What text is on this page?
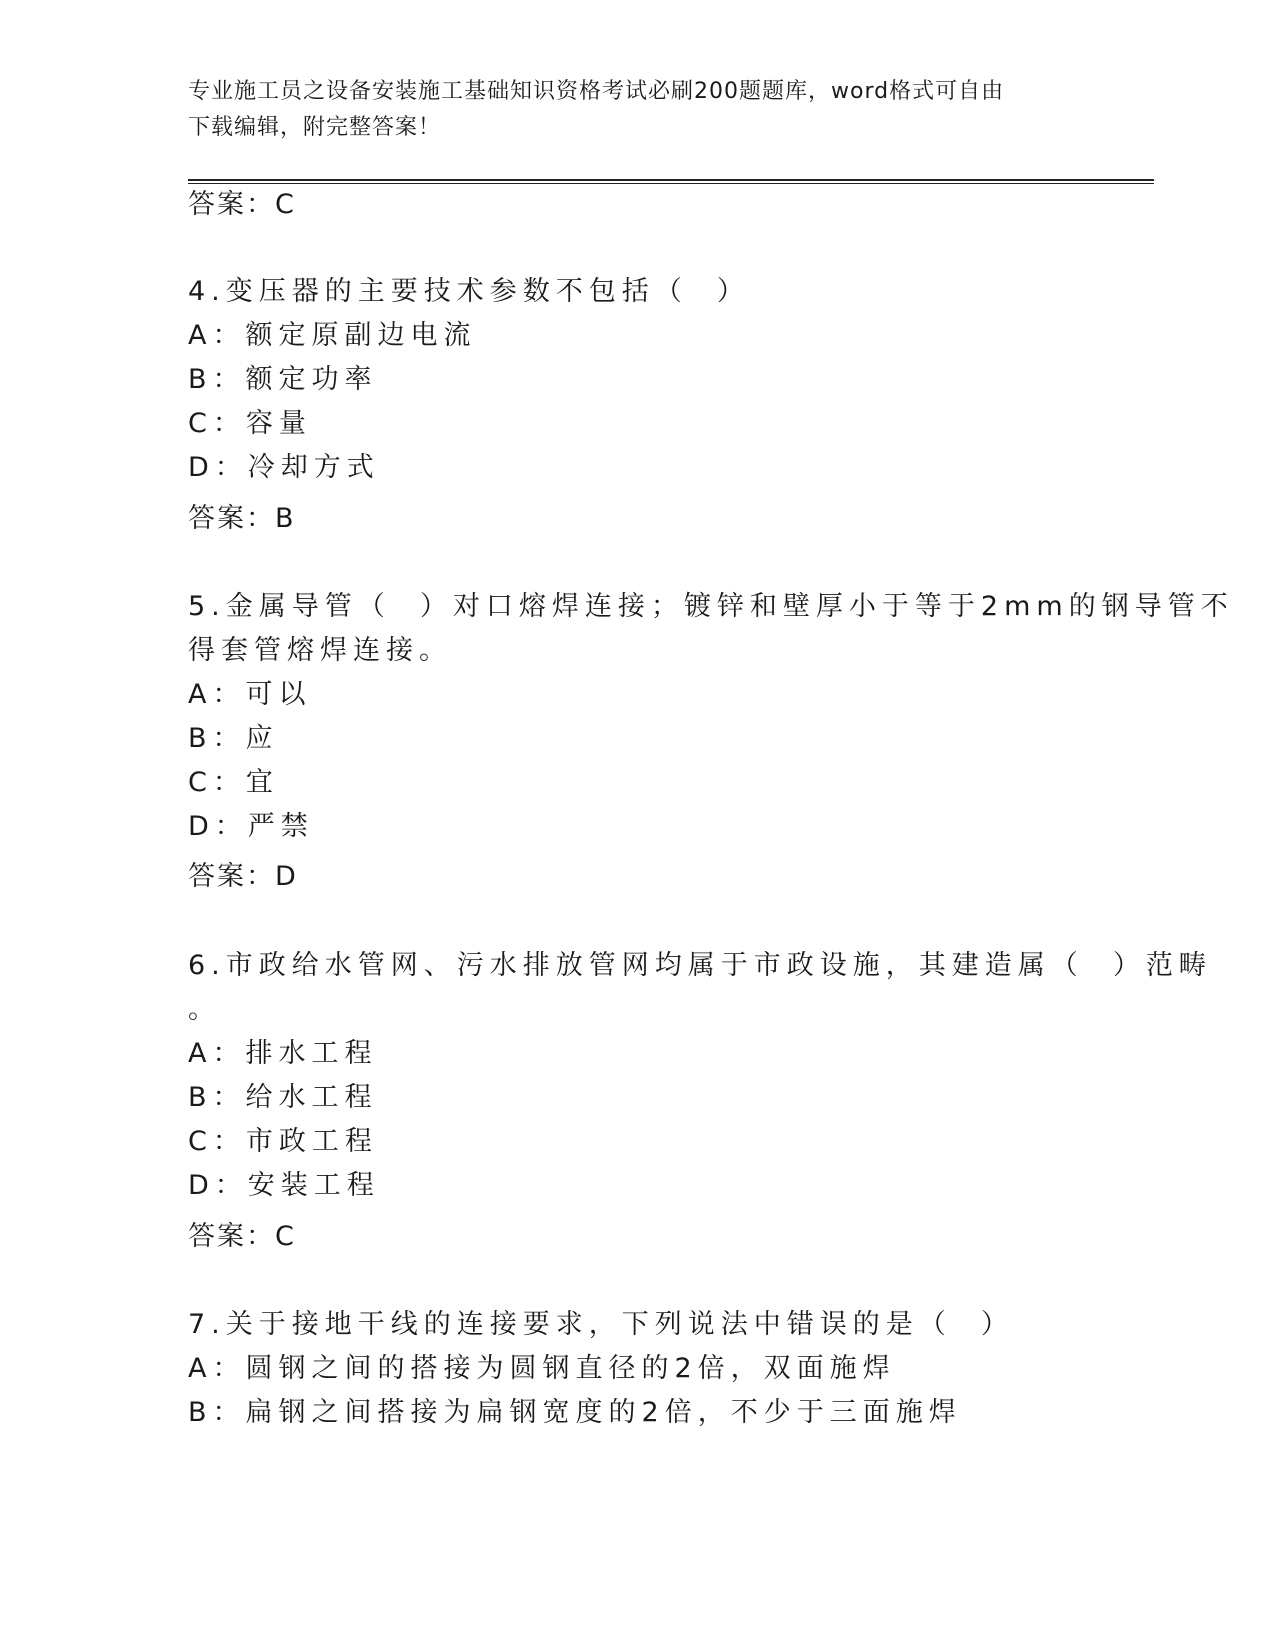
专业施工员之设备安装施工基础知识资格考试必刷200题题库，word格式可自由
下载编辑，附完整答案！
答案：C
4.变压器的主要技术参数不包括（  ）
A：额定原副边电流
B：额定功率
C：容量
D：冷却方式
答案：B
5.金属导管（  ）对口熔焊连接；镀锌和壁厚小于等于2mm的钢导管不
得套管熔焊连接。
A：可以
B：应
C：宜
D：严禁
答案：D
6.市政给水管网、污水排放管网均属于市政设施，其建造属（  ）范畴
。
A：排水工程
B：给水工程
C：市政工程
D：安装工程
答案：C
7.关于接地干线的连接要求，下列说法中错误的是（  ）
A：圆钢之间的搭接为圆钢直径的2倍，双面施焊
B：扁钢之间搭接为扁钢宽度的2倍，不少于三面施焊
